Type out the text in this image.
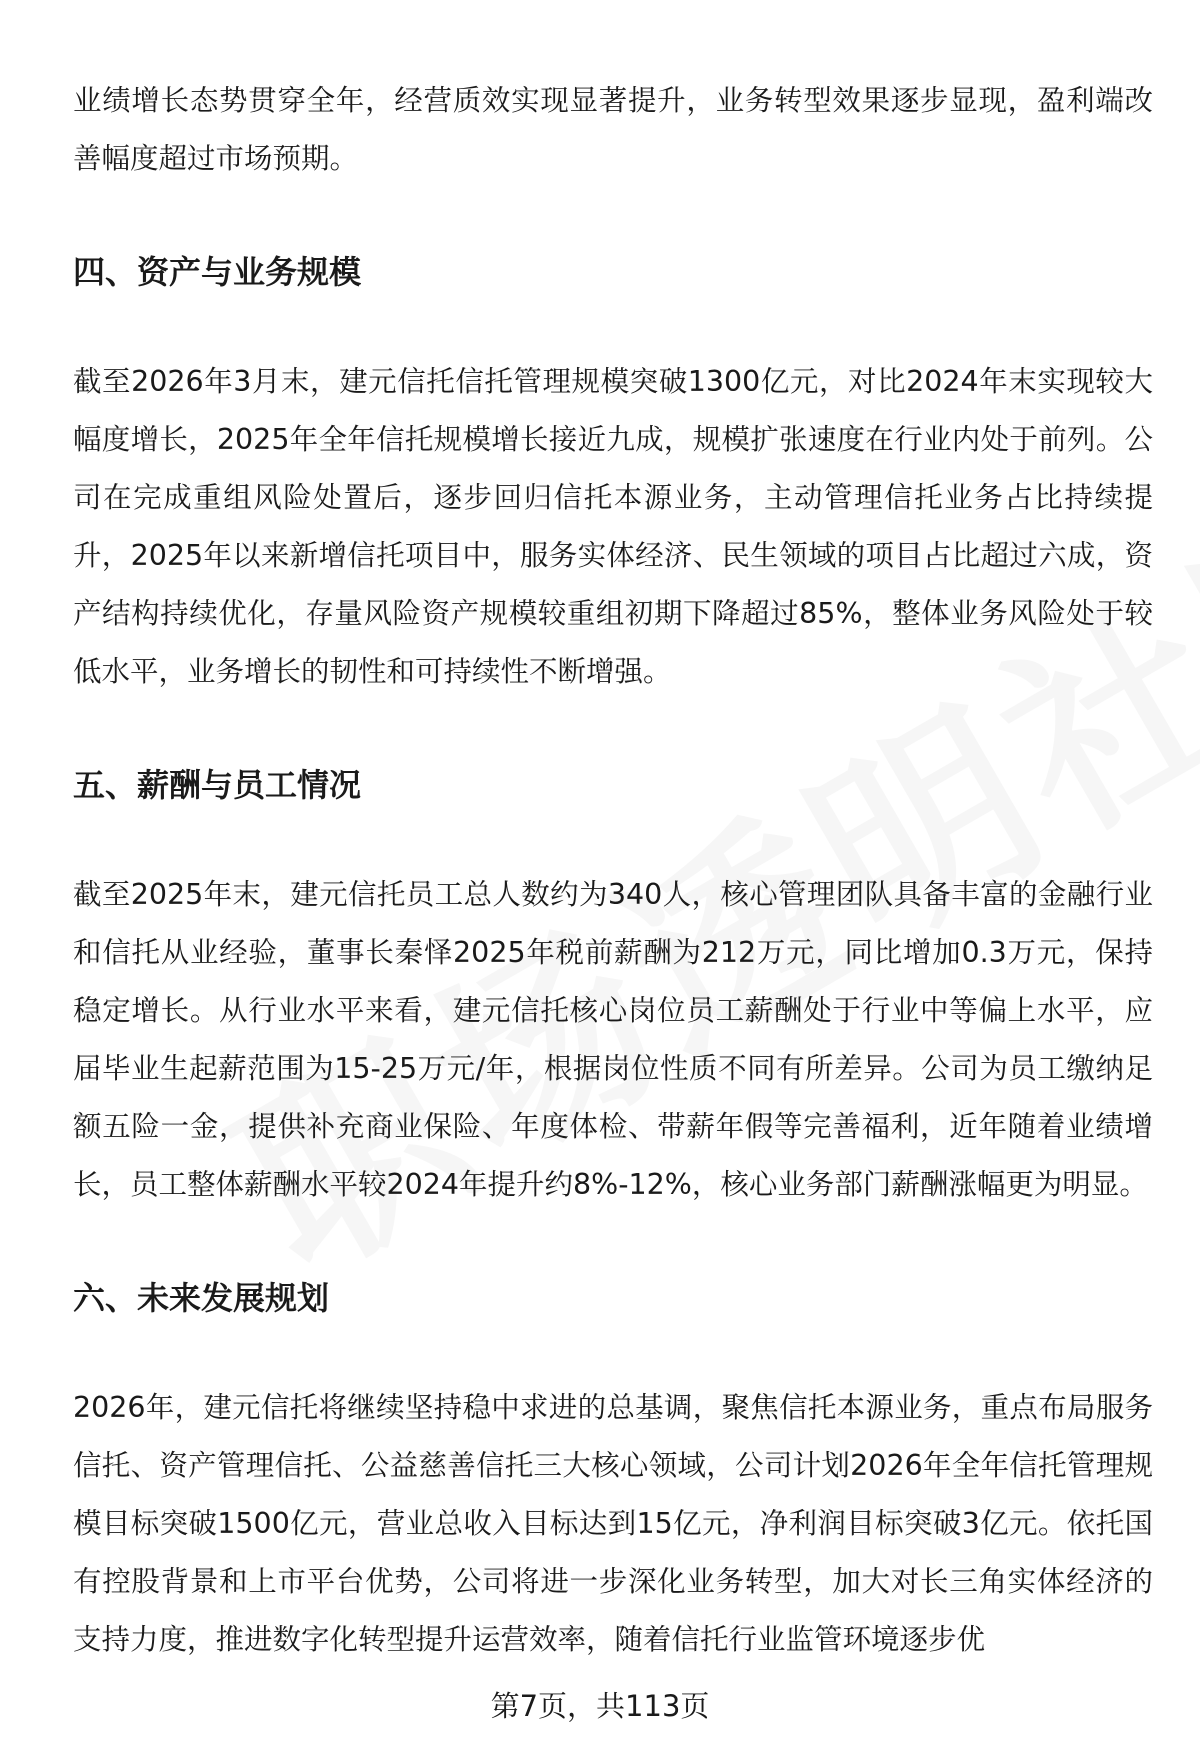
业绩增长态势贯穿全年，经营质效实现显著提升，业务转型效果逐步显现，盈利端改善幅度超过市场预期。

四、资产与业务规模

截至2026年3月末，建元信托信托管理规模突破1300亿元，对比2024年末实现较大幅度增长，2025年全年信托规模增长接近九成，规模扩张速度在行业内处于前列。公司在完成重组风险处置后，逐步回归信托本源业务，主动管理信托业务占比持续提升，2025年以来新增信托项目中，服务实体经济、民生领域的项目占比超过六成，资产结构持续优化，存量风险资产规模较重组初期下降超过85%，整体业务风险处于较低水平，业务增长的韧性和可持续性不断增强。

五、薪酬与员工情况

截至2025年末，建元信托员工总人数约为340人，核心管理团队具备丰富的金融行业和信托从业经验，董事长秦怿2025年税前薪酬为212万元，同比增加0.3万元，保持稳定增长。从行业水平来看，建元信托核心岗位员工薪酬处于行业中等偏上水平，应届毕业生起薪范围为15-25万元/年，根据岗位性质不同有所差异。公司为员工缴纳足额五险一金，提供补充商业保险、年度体检、带薪年假等完善福利，近年随着业绩增长，员工整体薪酬水平较2024年提升约8%-12%，核心业务部门薪酬涨幅更为明显。

六、未来发展规划

2026年，建元信托将继续坚持稳中求进的总基调，聚焦信托本源业务，重点布局服务信托、资产管理信托、公益慈善信托三大核心领域，公司计划2026年全年信托管理规模目标突破1500亿元，营业总收入目标达到15亿元，净利润目标突破3亿元。依托国有控股背景和上市平台优势，公司将进一步深化业务转型，加大对长三角实体经济的支持力度，推进数字化转型提升运营效率，随着信托行业监管环境逐步优

第7页，共113页
